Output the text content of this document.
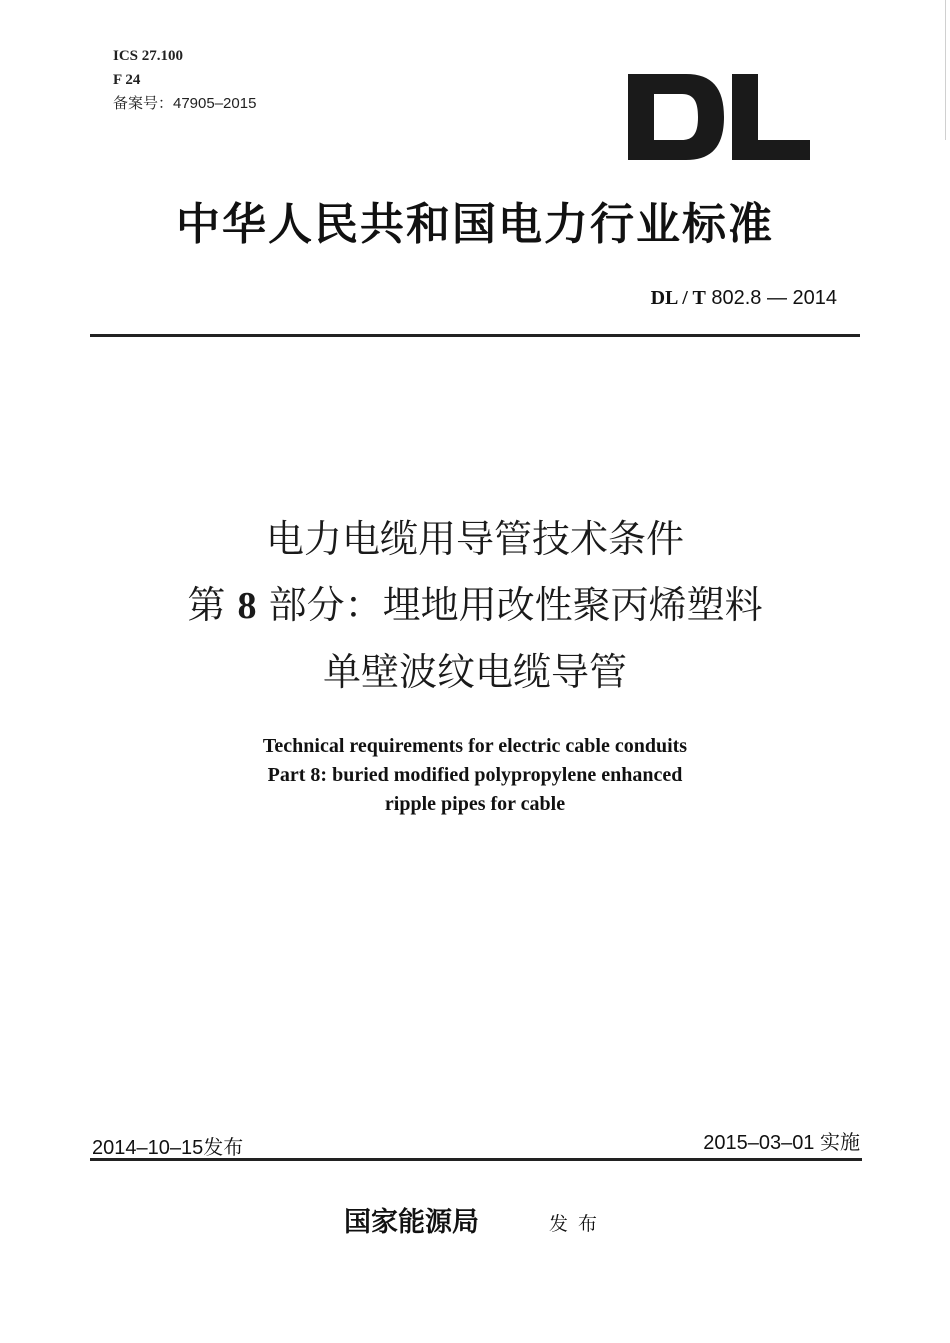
ICS 27.100
F 24
备案号：47905–2015
中华人民共和国电力行业标准
DL / T 802.8 — 2014
电力电缆用导管技术条件
第 8 部分：埋地用改性聚丙烯塑料
单壁波纹电缆导管
Technical requirements for electric cable conduits
Part 8: buried modified polypropylene enhanced
ripple pipes for cable
2014–10–15发布	2015–03–01 实施
国家能源局	发布
